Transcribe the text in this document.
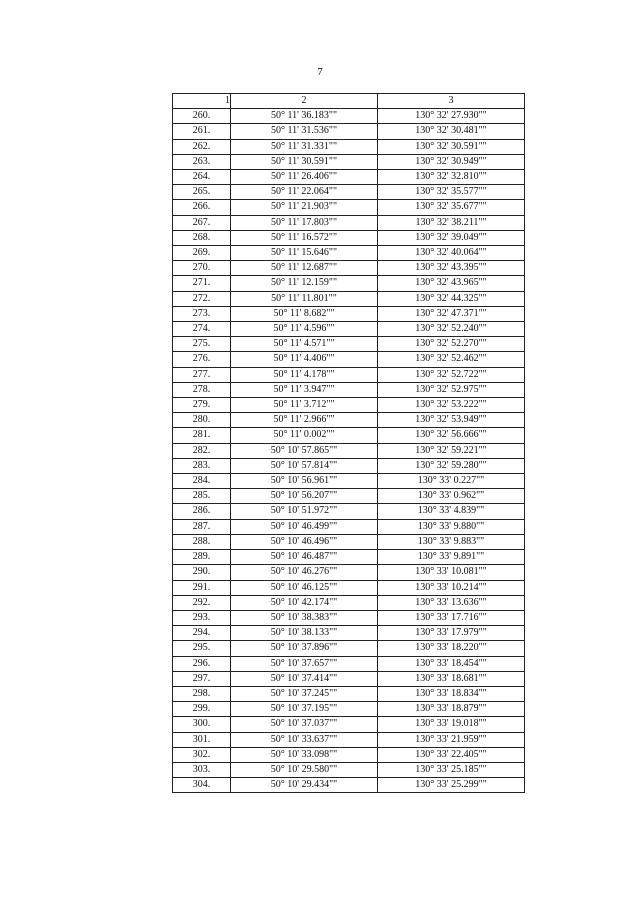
7
1	2	3
260.	50° 11' 36.183""	130° 32' 27.930""
261.	50° 11' 31.536""	130° 32' 30.481""
262.	50° 11' 31.331""	130° 32' 30.591""
263.	50° 11' 30.591""	130° 32' 30.949""
264.	50° 11' 26.406""	130° 32' 32.810""
265.	50° 11' 22.064""	130° 32' 35.577""
266.	50° 11' 21.903""	130° 32' 35.677""
267.	50° 11' 17.803""	130° 32' 38.211""
268.	50° 11' 16.572""	130° 32' 39.049""
269.	50° 11' 15.646""	130° 32' 40.064""
270.	50° 11' 12.687""	130° 32' 43.395""
271.	50° 11' 12.159""	130° 32' 43.965""
272.	50° 11' 11.801""	130° 32' 44.325""
273.	50° 11' 8.682""	130° 32' 47.371""
274.	50° 11' 4.596""	130° 32' 52.240""
275.	50° 11' 4.571""	130° 32' 52.270""
276.	50° 11' 4.406""	130° 32' 52.462""
277.	50° 11' 4.178""	130° 32' 52.722""
278.	50° 11' 3.947""	130° 32' 52.975""
279.	50° 11' 3.712""	130° 32' 53.222""
280.	50° 11' 2.966""	130° 32' 53.949""
281.	50° 11' 0.002""	130° 32' 56.666""
282.	50° 10' 57.865""	130° 32' 59.221""
283.	50° 10' 57.814""	130° 32' 59.280""
284.	50° 10' 56.961""	130° 33' 0.227""
285.	50° 10' 56.207""	130° 33' 0.962""
286.	50° 10' 51.972""	130° 33' 4.839""
287.	50° 10' 46.499""	130° 33' 9.880""
288.	50° 10' 46.496""	130° 33' 9.883""
289.	50° 10' 46.487""	130° 33' 9.891""
290.	50° 10' 46.276""	130° 33' 10.081""
291.	50° 10' 46.125""	130° 33' 10.214""
292.	50° 10' 42.174""	130° 33' 13.636""
293.	50° 10' 38.383""	130° 33' 17.716""
294.	50° 10' 38.133""	130° 33' 17.979""
295.	50° 10' 37.896""	130° 33' 18.220""
296.	50° 10' 37.657""	130° 33' 18.454""
297.	50° 10' 37.414""	130° 33' 18.681""
298.	50° 10' 37.245""	130° 33' 18.834""
299.	50° 10' 37.195""	130° 33' 18.879""
300.	50° 10' 37.037""	130° 33' 19.018""
301.	50° 10' 33.637""	130° 33' 21.959""
302.	50° 10' 33.098""	130° 33' 22.405""
303.	50° 10' 29.580""	130° 33' 25.185""
304.	50° 10' 29.434""	130° 33' 25.299""
